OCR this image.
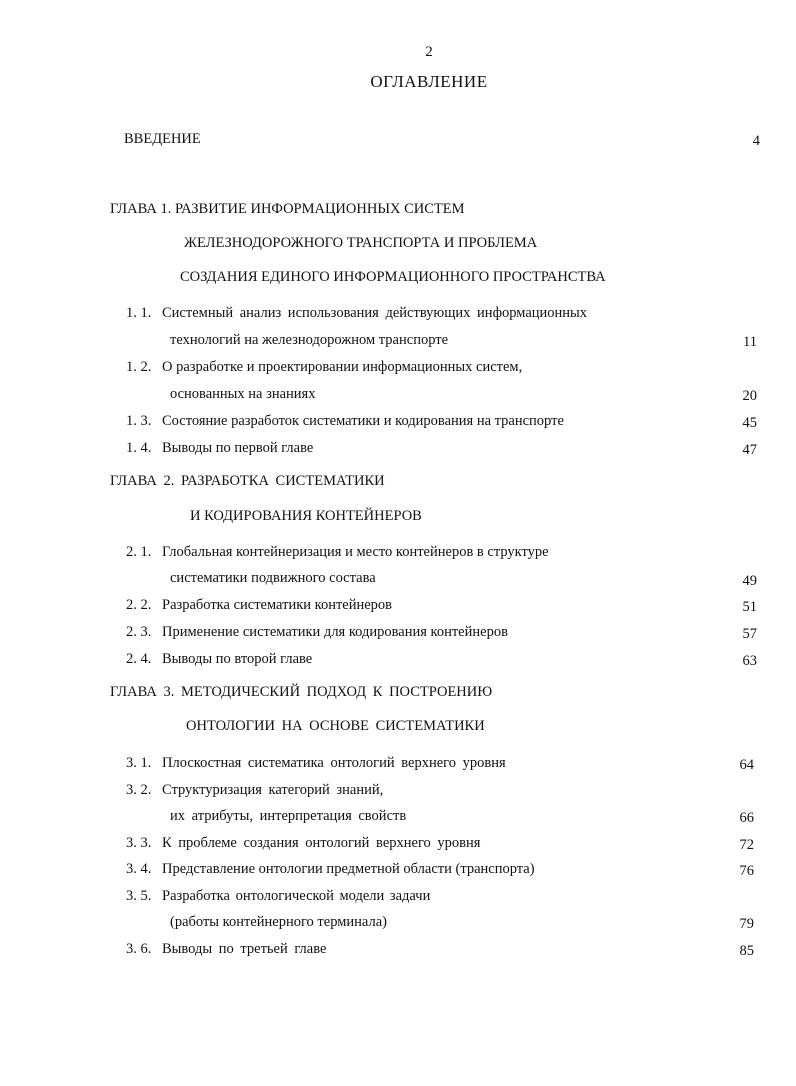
2
ОГЛАВЛЕНИЕ
ВВЕДЕНИЕ	4
ГЛАВА 1. РАЗВИТИЕ ИНФОРМАЦИОННЫХ СИСТЕМ
ЖЕЛЕЗНОДОРОЖНОГО ТРАНСПОРТА И ПРОБЛЕМА
СОЗДАНИЯ ЕДИНОГО ИНФОРМАЦИОННОГО ПРОСТРАНСТВА
1. 1. Системный анализ использования действующих информационных
технологий на железнодорожном транспорте	11
1. 2. О разработке и проектировании информационных систем,
основанных на знаниях	20
1. 3. Состояние разработок систематики и кодирования на транспорте	45
1. 4. Выводы по первой главе	47
ГЛАВА 2. РАЗРАБОТКА СИСТЕМАТИКИ
И КОДИРОВАНИЯ КОНТЕЙНЕРОВ
2. 1. Глобальная контейнеризация и место контейнеров в структуре
систематики подвижного состава	49
2. 2. Разработка систематики контейнеров	51
2. 3. Применение систематики для кодирования контейнеров	57
2. 4. Выводы по второй главе	63
ГЛАВА 3. МЕТОДИЧЕСКИЙ ПОДХОД К ПОСТРОЕНИЮ
ОНТОЛОГИИ НА ОСНОВЕ СИСТЕМАТИКИ
3. 1. Плоскостная систематика онтологий верхнего уровня	64
3. 2. Структуризация категорий знаний,
их атрибуты, интерпретация свойств	66
3. 3. К проблеме создания онтологий верхнего уровня	72
3. 4. Представление онтологии предметной области (транспорта)	76
3. 5. Разработка онтологической модели задачи
(работы контейнерного терминала)	79
3. 6. Выводы по третьей главе	85
